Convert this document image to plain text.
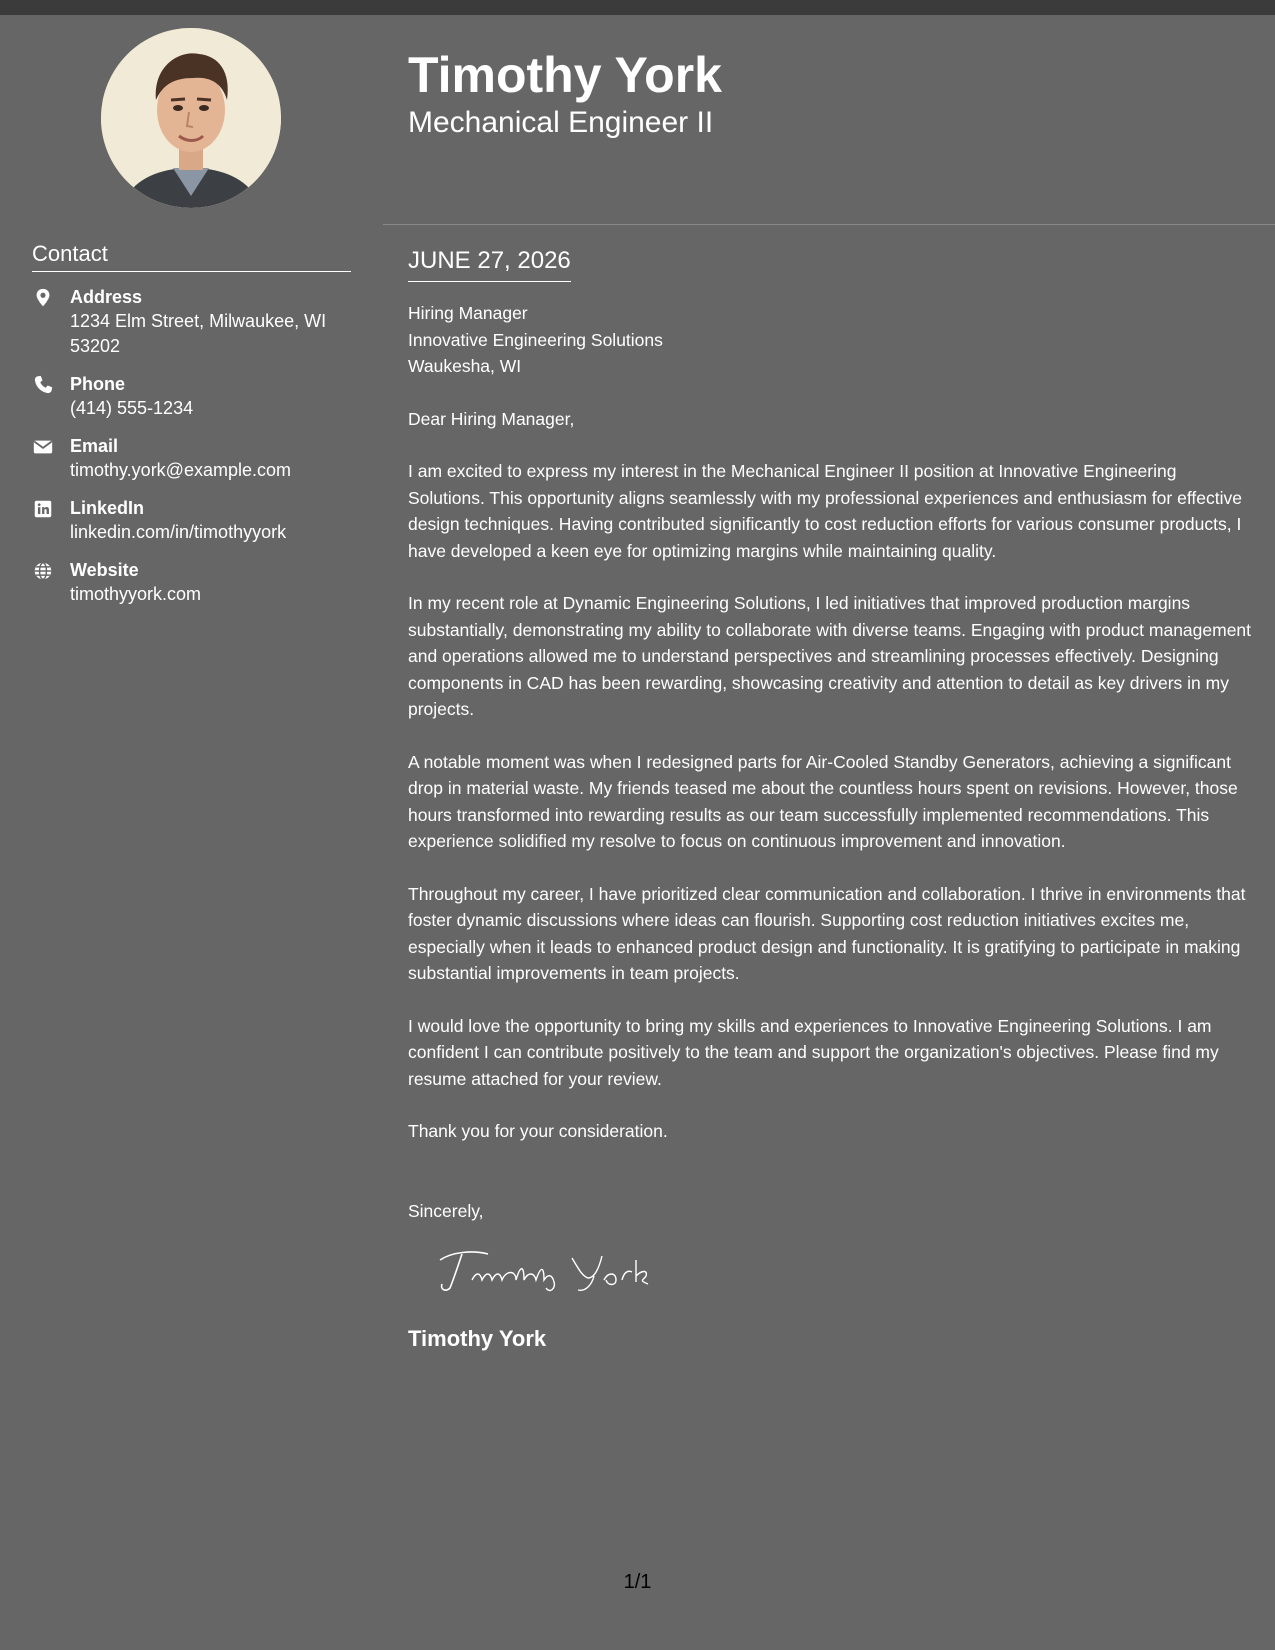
Contact
Address
1234 Elm Street, Milwaukee, WI 53202
Phone
(414) 555-1234
Email
timothy.york@example.com
LinkedIn
linkedin.com/in/timothyyork
Website
timothyyork.com
Timothy York
Mechanical Engineer II
JUNE 27, 2026
Hiring Manager
Innovative Engineering Solutions
Waukesha, WI
Dear Hiring Manager,
I am excited to express my interest in the Mechanical Engineer II position at Innovative Engineering Solutions. This opportunity aligns seamlessly with my professional experiences and enthusiasm for effective design techniques. Having contributed significantly to cost reduction efforts for various consumer products, I have developed a keen eye for optimizing margins while maintaining quality.
In my recent role at Dynamic Engineering Solutions, I led initiatives that improved production margins substantially, demonstrating my ability to collaborate with diverse teams. Engaging with product management and operations allowed me to understand perspectives and streamlining processes effectively. Designing components in CAD has been rewarding, showcasing creativity and attention to detail as key drivers in my projects.
A notable moment was when I redesigned parts for Air-Cooled Standby Generators, achieving a significant drop in material waste. My friends teased me about the countless hours spent on revisions. However, those hours transformed into rewarding results as our team successfully implemented recommendations. This experience solidified my resolve to focus on continuous improvement and innovation.
Throughout my career, I have prioritized clear communication and collaboration. I thrive in environments that foster dynamic discussions where ideas can flourish. Supporting cost reduction initiatives excites me, especially when it leads to enhanced product design and functionality. It is gratifying to participate in making substantial improvements in team projects.
I would love the opportunity to bring my skills and experiences to Innovative Engineering Solutions. I am confident I can contribute positively to the team and support the organization's objectives. Please find my resume attached for your review.
Thank you for your consideration.
Sincerely,
Timothy York
1/1
